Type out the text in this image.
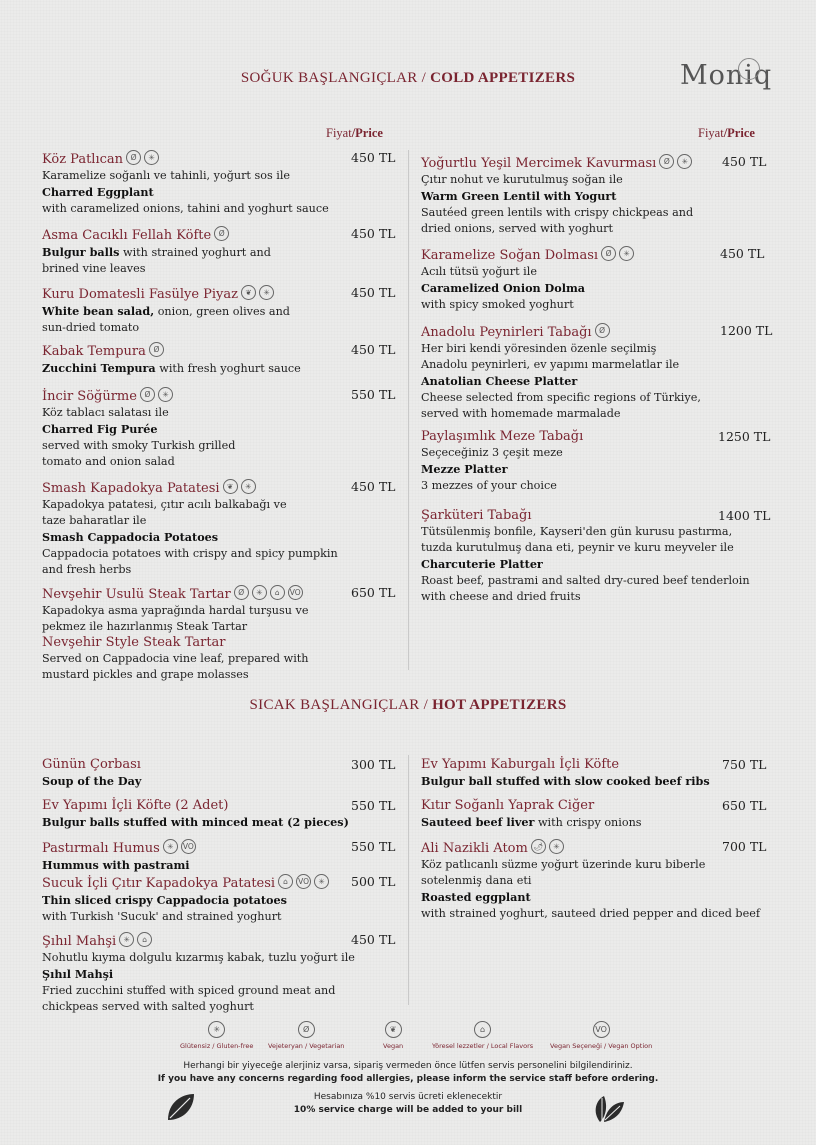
SOĞUK BAŞLANGIÇLAR / COLD APPETIZERS	Moniq
Fiyat/Price	Fiyat/Price
Köz Patlıcan Ø ✳
Karamelize soğanlı ve tahinli, yoğurt sos ile
Charred Eggplant
with caramelized onions, tahini and yoghurt sauce
450 TL
Asma Cacıklı Fellah Köfte Ø
Bulgur balls with strained yoghurt and
brined vine leaves
450 TL
Kuru Domatesli Fasülye Piyaz ❦ ✳
White bean salad, onion, green olives and
sun-dried tomato
450 TL
Kabak Tempura Ø
Zucchini Tempura with fresh yoghurt sauce
450 TL
İncir Söğürme Ø ✳
Köz tablacı salatası ile
Charred Fig Purée
served with smoky Turkish grilled
tomato and onion salad
550 TL
Smash Kapadokya Patatesi ❦ ✳
Kapadokya patatesi, çıtır acılı balkabağı ve
taze baharatlar ile
Smash Cappadocia Potatoes
Cappadocia potatoes with crispy and spicy pumpkin
and fresh herbs
450 TL
Nevşehir Usulü Steak Tartar Ø ✳ ⌂ VO
Kapadokya asma yaprağında hardal turşusu ve
pekmez ile hazırlanmış Steak Tartar
Nevşehir Style Steak Tartar
Served on Cappadocia vine leaf, prepared with
mustard pickles and grape molasses
650 TL
Yoğurtlu Yeşil Mercimek Kavurması Ø ✳
Çıtır nohut ve kurutulmuş soğan ile
Warm Green Lentil with Yogurt
Sautéed green lentils with crispy chickpeas and
dried onions, served with yoghurt
450 TL
Karamelize Soğan Dolması Ø ✳
Acılı tütsü yoğurt ile
Caramelized Onion Dolma
with spicy smoked yoghurt
450 TL
Anadolu Peynirleri Tabağı Ø
Her biri kendi yöresinden özenle seçilmiş
Anadolu peynirleri, ev yapımı marmelatlar ile
Anatolian Cheese Platter
Cheese selected from specific regions of Türkiye,
served with homemade marmalade
1200 TL
Paylaşımlık Meze Tabağı
Seçeceğiniz 3 çeşit meze
Mezze Platter
3 mezzes of your choice
1250 TL
Şarküteri Tabağı
Tütsülenmiş bonfile, Kayseri'den gün kurusu pastırma,
tuzda kurutulmuş dana eti, peynir ve kuru meyveler ile
Charcuterie Platter
Roast beef, pastrami and salted dry-cured beef tenderloin
with cheese and dried fruits
1400 TL
SICAK BAŞLANGIÇLAR / HOT APPETIZERS
Günün Çorbası
Soup of the Day
300 TL
Ev Yapımı İçli Köfte (2 Adet)
Bulgur balls stuffed with minced meat (2 pieces)
550 TL
Pastırmalı Humus ✳ VO
Hummus with pastrami
550 TL
Sucuk İçli Çıtır Kapadokya Patatesi ⌂ VO ✳
Thin sliced crispy Cappadocia potatoes
with Turkish 'Sucuk' and strained yoghurt
500 TL
Şıhıl Mahşi ✳ ⌂
Nohutlu kıyma dolgulu kızarmış kabak, tuzlu yoğurt ile
Şıhıl Mahşi
Fried zucchini stuffed with spiced ground meat and
chickpeas served with salted yoghurt
450 TL
Ev Yapımı Kaburgalı İçli Köfte
Bulgur ball stuffed with slow cooked beef ribs
750 TL
Kıtır Soğanlı Yaprak Ciğer
Sauteed beef liver with crispy onions
650 TL
Ali Nazikli Atom 🌶 ✳
Köz patlıcanlı süzme yoğurt üzerinde kuru biberle
sotelenmiş dana eti
Roasted eggplant
with strained yoghurt, sauteed dried pepper and diced beef
700 TL
✳
Glütensiz / Gluten-free
Ø
Vejeteryan / Vegetarian
❦
Vegan
⌂
Yöresel lezzetler / Local Flavors
VO
Vegan Seçeneği / Vegan Option
Herhangi bir yiyeceğe alerjiniz varsa, sipariş vermeden önce lütfen servis personelini bilgilendiriniz.
If you have any concerns regarding food allergies, please inform the service staff before ordering.
Hesabınıza %10 servis ücreti eklenecektir
10% service charge will be added to your bill
